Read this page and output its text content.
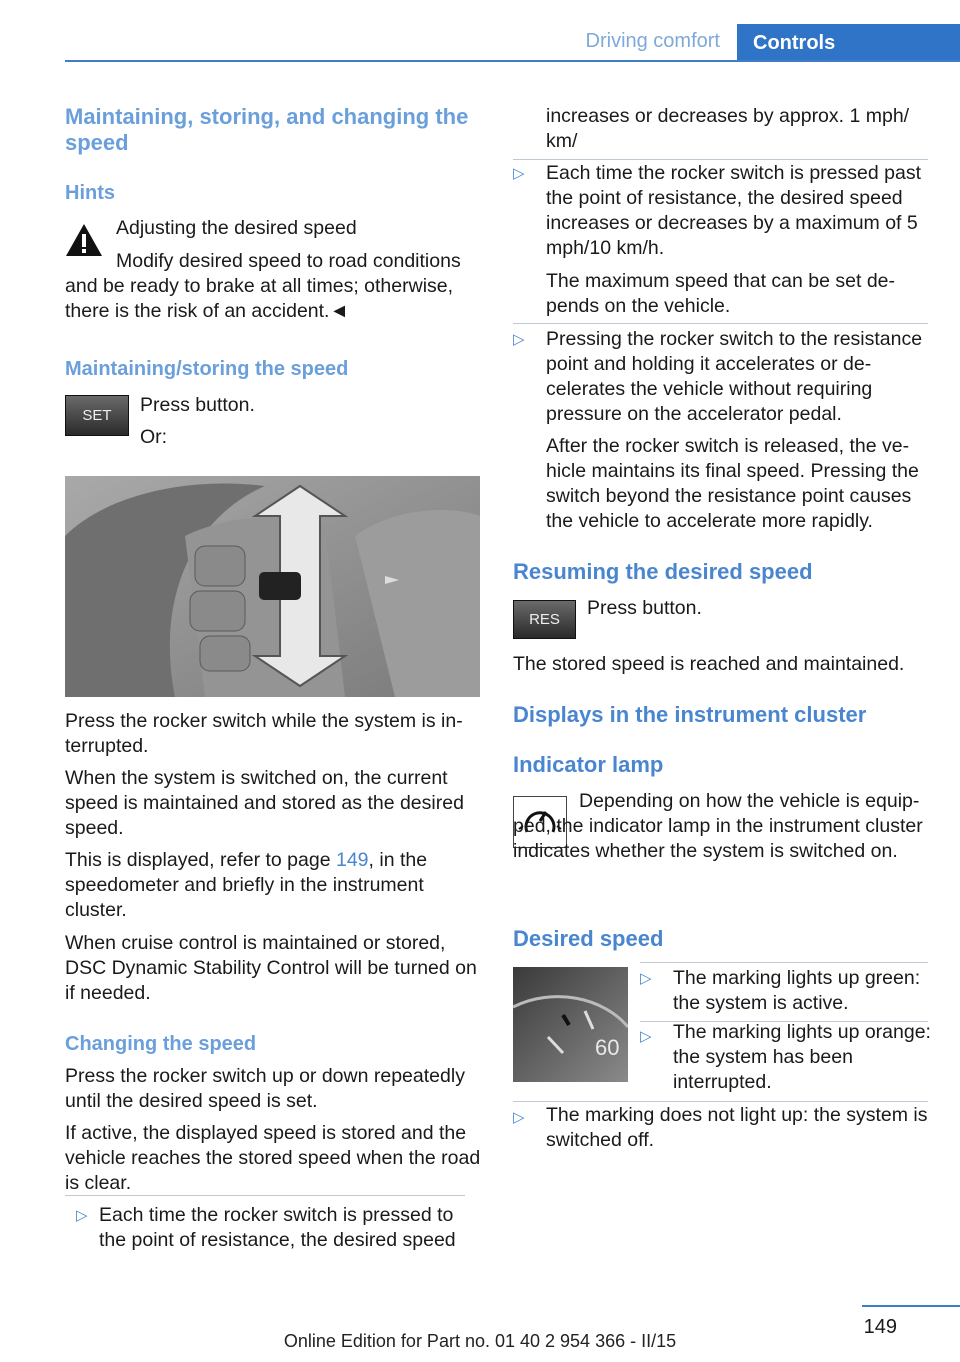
Driving comfort	Controls

Maintaining, storing, and changing the speed

Hints

Adjusting the desired speed

Modify desired speed to road conditions and be ready to brake at all times; otherwise, there is the risk of an accident.◄

Maintaining/storing the speed

SET	Press button.

Or:

Press the rocker switch while the system is interrupted.

When the system is switched on, the current speed is maintained and stored as the desired speed.

This is displayed, refer to page 149, in the speedometer and briefly in the instrument cluster.

When cruise control is maintained or stored, DSC Dynamic Stability Control will be turned on if needed.

Changing the speed

Press the rocker switch up or down repeatedly until the desired speed is set.

If active, the displayed speed is stored and the vehicle reaches the stored speed when the road is clear.

▷ Each time the rocker switch is pressed to the point of resistance, the desired speed

increases or decreases by approx. 1 mph/ km/

▷ Each time the rocker switch is pressed past the point of resistance, the desired speed increases or decreases by a maximum of 5 mph/10 km/h.

The maximum speed that can be set depends on the vehicle.

▷ Pressing the rocker switch to the resistance point and holding it accelerates or decelerates the vehicle without requiring pressure on the accelerator pedal.

After the rocker switch is released, the vehicle maintains its final speed. Pressing the switch beyond the resistance point causes the vehicle to accelerate more rapidly.

Resuming the desired speed

RES

Press button.

The stored speed is reached and maintained.

Displays in the instrument cluster

Indicator lamp

Depending on how the vehicle is equipped, the indicator lamp in the instrument cluster indicates whether the system is switched on.

Desired speed

60
▷ The marking lights up green: the system is active.

▷ The marking lights up orange: the system has been interrupted.

▷ The marking does not light up: the system is switched off.

149
Online Edition for Part no. 01 40 2 954 366 - II/15
